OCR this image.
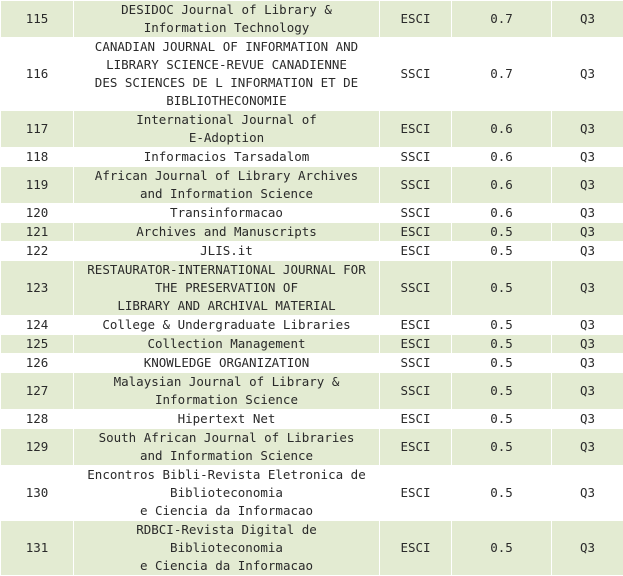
115	DESIDOC Journal of Library &
Information Technology	ESCI	0.7	Q3
116	CANADIAN JOURNAL OF INFORMATION AND
LIBRARY SCIENCE-REVUE CANADIENNE
DES SCIENCES DE L INFORMATION ET DE
BIBLIOTHECONOMIE	SSCI	0.7	Q3
117	International Journal of
E-Adoption	ESCI	0.6	Q3
118	Informacios Tarsadalom	SSCI	0.6	Q3
119	African Journal of Library Archives
and Information Science	SSCI	0.6	Q3
120	Transinformacao	SSCI	0.6	Q3
121	Archives and Manuscripts	ESCI	0.5	Q3
122	JLIS.it	ESCI	0.5	Q3
123	RESTAURATOR-INTERNATIONAL JOURNAL FOR
THE PRESERVATION OF
LIBRARY AND ARCHIVAL MATERIAL	SSCI	0.5	Q3
124	College & Undergraduate Libraries	ESCI	0.5	Q3
125	Collection Management	ESCI	0.5	Q3
126	KNOWLEDGE ORGANIZATION	SSCI	0.5	Q3
127	Malaysian Journal of Library &
Information Science	SSCI	0.5	Q3
128	Hipertext Net	ESCI	0.5	Q3
129	South African Journal of Libraries
and Information Science	ESCI	0.5	Q3
130	Encontros Bibli-Revista Eletronica de
Biblioteconomia
e Ciencia da Informacao	ESCI	0.5	Q3
131	RDBCI-Revista Digital de
Biblioteconomia
e Ciencia da Informacao	ESCI	0.5	Q3
